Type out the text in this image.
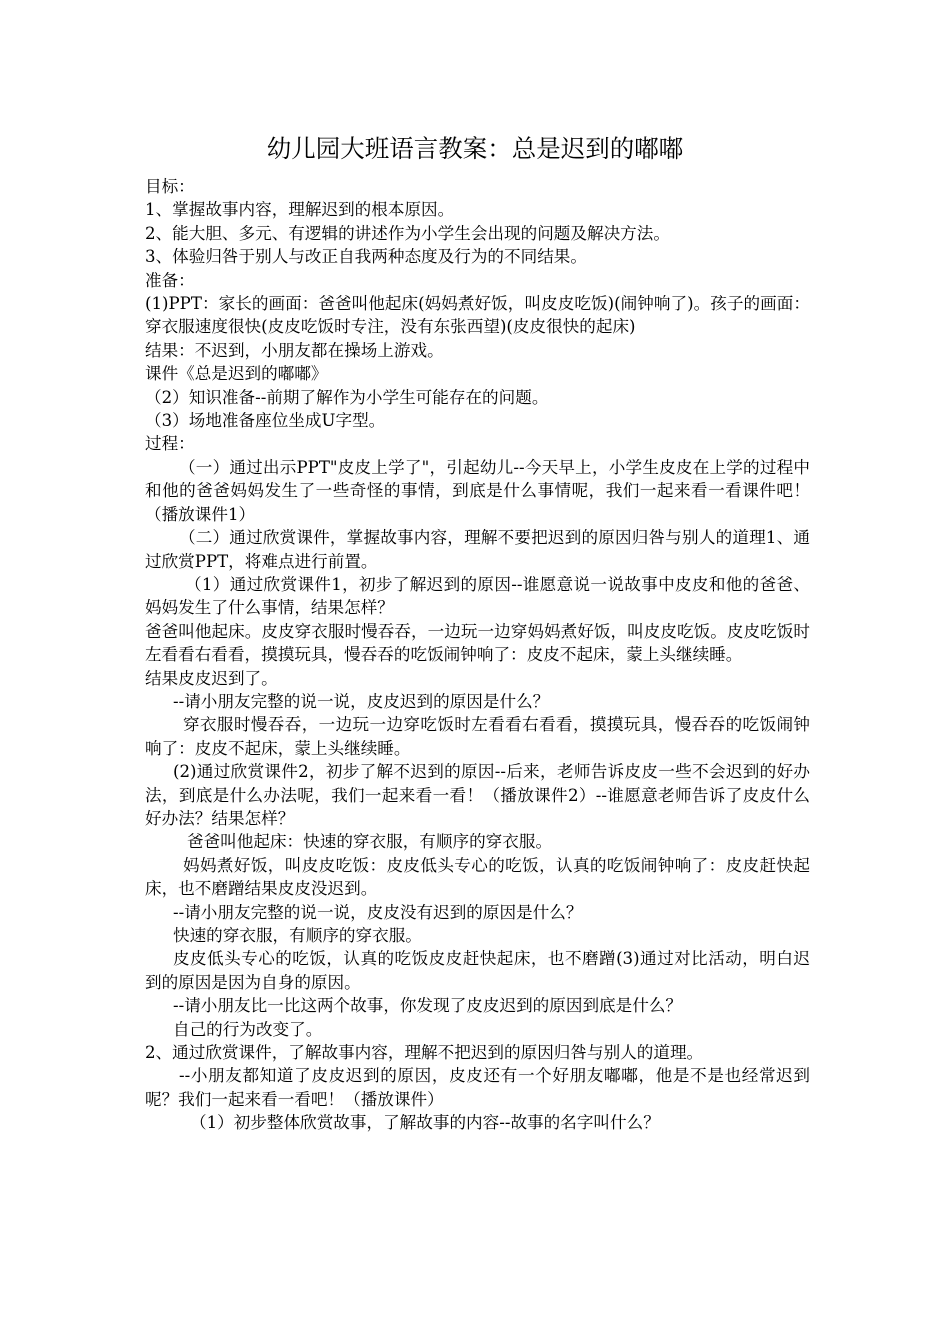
幼儿园大班语言教案：总是迟到的嘟嘟

目标：

1、掌握故事内容，理解迟到的根本原因。

2、能大胆、多元、有逻辑的讲述作为小学生会出现的问题及解决方法。

3、体验归咎于别人与改正自我两种态度及行为的不同结果。

准备：

(1)PPT：家长的画面：爸爸叫他起床(妈妈煮好饭，叫皮皮吃饭)(闹钟响了)。孩子的画面：穿衣服速度很快(皮皮吃饭时专注，没有东张西望)(皮皮很快的起床)

结果：不迟到，小朋友都在操场上游戏。

课件《总是迟到的嘟嘟》

（2）知识准备--前期了解作为小学生可能存在的问题。

（3）场地准备座位坐成U字型。

过程：

（一）通过出示PPT"皮皮上学了"，引起幼儿--今天早上，小学生皮皮在上学的过程中和他的爸爸妈妈发生了一些奇怪的事情，到底是什么事情呢，我们一起来看一看课件吧！（播放课件1）

（二）通过欣赏课件，掌握故事内容，理解不要把迟到的原因归咎与别人的道理1、通过欣赏PPT，将难点进行前置。

（1）通过欣赏课件1，初步了解迟到的原因--谁愿意说一说故事中皮皮和他的爸爸、妈妈发生了什么事情，结果怎样？

爸爸叫他起床。皮皮穿衣服时慢吞吞，一边玩一边穿妈妈煮好饭，叫皮皮吃饭。皮皮吃饭时左看看右看看，摸摸玩具，慢吞吞的吃饭闹钟响了：皮皮不起床，蒙上头继续睡。

结果皮皮迟到了。

--请小朋友完整的说一说，皮皮迟到的原因是什么？

穿衣服时慢吞吞，一边玩一边穿吃饭时左看看右看看，摸摸玩具，慢吞吞的吃饭闹钟响了：皮皮不起床，蒙上头继续睡。

(2)通过欣赏课件2，初步了解不迟到的原因--后来，老师告诉皮皮一些不会迟到的好办法，到底是什么办法呢，我们一起来看一看！（播放课件2）--谁愿意老师告诉了皮皮什么好办法？结果怎样？

爸爸叫他起床：快速的穿衣服，有顺序的穿衣服。

妈妈煮好饭，叫皮皮吃饭：皮皮低头专心的吃饭，认真的吃饭闹钟响了：皮皮赶快起床，也不磨蹭结果皮皮没迟到。

--请小朋友完整的说一说，皮皮没有迟到的原因是什么？

快速的穿衣服，有顺序的穿衣服。

皮皮低头专心的吃饭，认真的吃饭皮皮赶快起床，也不磨蹭(3)通过对比活动，明白迟到的原因是因为自身的原因。

--请小朋友比一比这两个故事，你发现了皮皮迟到的原因到底是什么？

自己的行为改变了。

2、通过欣赏课件，了解故事内容，理解不把迟到的原因归咎与别人的道理。

--小朋友都知道了皮皮迟到的原因，皮皮还有一个好朋友嘟嘟，他是不是也经常迟到呢？我们一起来看一看吧！（播放课件）

（1）初步整体欣赏故事，了解故事的内容--故事的名字叫什么？
